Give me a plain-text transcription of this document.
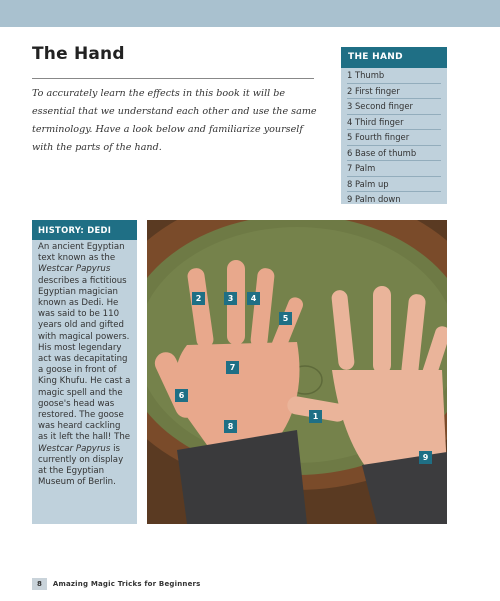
The Hand
To accurately learn the effects in this book it will be essential that we understand each other and use the same terminology. Have a look below and familiarize yourself with the parts of the hand.
THE HAND
1 Thumb
2 First finger
3 Second finger
4 Third finger
5 Fourth finger
6 Base of thumb
7 Palm
8 Palm up
9 Palm down
HISTORY: DEDI
An ancient Egyptian text known as the Westcar Papyrus describes a fictitious Egyptian magician known as Dedi. He was said to be 110 years old and gifted with magical powers. His most legendary act was decapitating a goose in front of King Khufu. He cast a magic spell and the goose's head was restored. The goose was heard cackling as it left the hall! The Westcar Papyrus is currently on display at the Egyptian Museum of Berlin.
1
2	3	4
5
6
7
8
9
8 Amazing Magic Tricks for Beginners
